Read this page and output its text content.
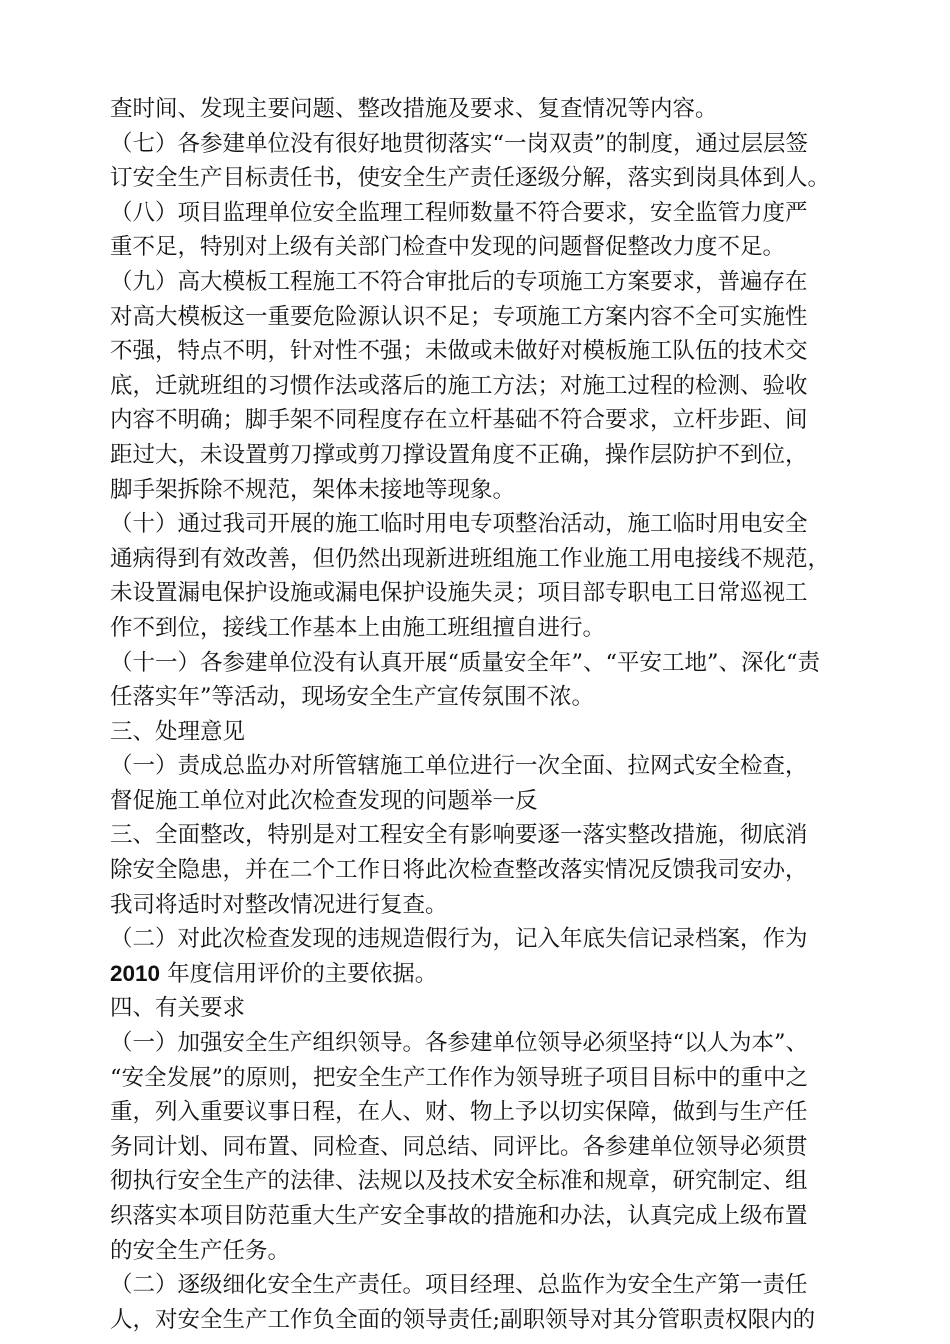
查时间、发现主要问题、整改措施及要求、复查情况等内容。
（七）各参建单位没有很好地贯彻落实“一岗双责”的制度，通过层层签
订安全生产目标责任书，使安全生产责任逐级分解，落实到岗具体到人。
（八）项目监理单位安全监理工程师数量不符合要求，安全监管力度严
重不足，特别对上级有关部门检查中发现的问题督促整改力度不足。
（九）高大模板工程施工不符合审批后的专项施工方案要求，普遍存在
对高大模板这一重要危险源认识不足；专项施工方案内容不全可实施性
不强，特点不明，针对性不强；未做或未做好对模板施工队伍的技术交
底，迁就班组的习惯作法或落后的施工方法；对施工过程的检测、验收
内容不明确；脚手架不同程度存在立杆基础不符合要求，立杆步距、间
距过大，未设置剪刀撑或剪刀撑设置角度不正确，操作层防护不到位，
脚手架拆除不规范，架体未接地等现象。
（十）通过我司开展的施工临时用电专项整治活动，施工临时用电安全
通病得到有效改善，但仍然出现新进班组施工作业施工用电接线不规范，
未设置漏电保护设施或漏电保护设施失灵；项目部专职电工日常巡视工
作不到位，接线工作基本上由施工班组擅自进行。
（十一）各参建单位没有认真开展“质量安全年”、“平安工地”、深化“责
任落实年”等活动，现场安全生产宣传氛围不浓。
三、处理意见
（一）责成总监办对所管辖施工单位进行一次全面、拉网式安全检查，
督促施工单位对此次检查发现的问题举一反
三、全面整改，特别是对工程安全有影响要逐一落实整改措施，彻底消
除安全隐患，并在二个工作日将此次检查整改落实情况反馈我司安办，
我司将适时对整改情况进行复查。
（二）对此次检查发现的违规造假行为，记入年底失信记录档案，作为
2010 年度信用评价的主要依据。
四、有关要求
（一）加强安全生产组织领导。各参建单位领导必须坚持“以人为本”、
“安全发展”的原则，把安全生产工作作为领导班子项目目标中的重中之
重，列入重要议事日程，在人、财、物上予以切实保障，做到与生产任
务同计划、同布置、同检查、同总结、同评比。各参建单位领导必须贯
彻执行安全生产的法律、法规以及技术安全标准和规章，研究制定、组
织落实本项目防范重大生产安全事故的措施和办法，认真完成上级布置
的安全生产任务。
（二）逐级细化安全生产责任。项目经理、总监作为安全生产第一责任
人，对安全生产工作负全面的领导责任;副职领导对其分管职责权限内的
